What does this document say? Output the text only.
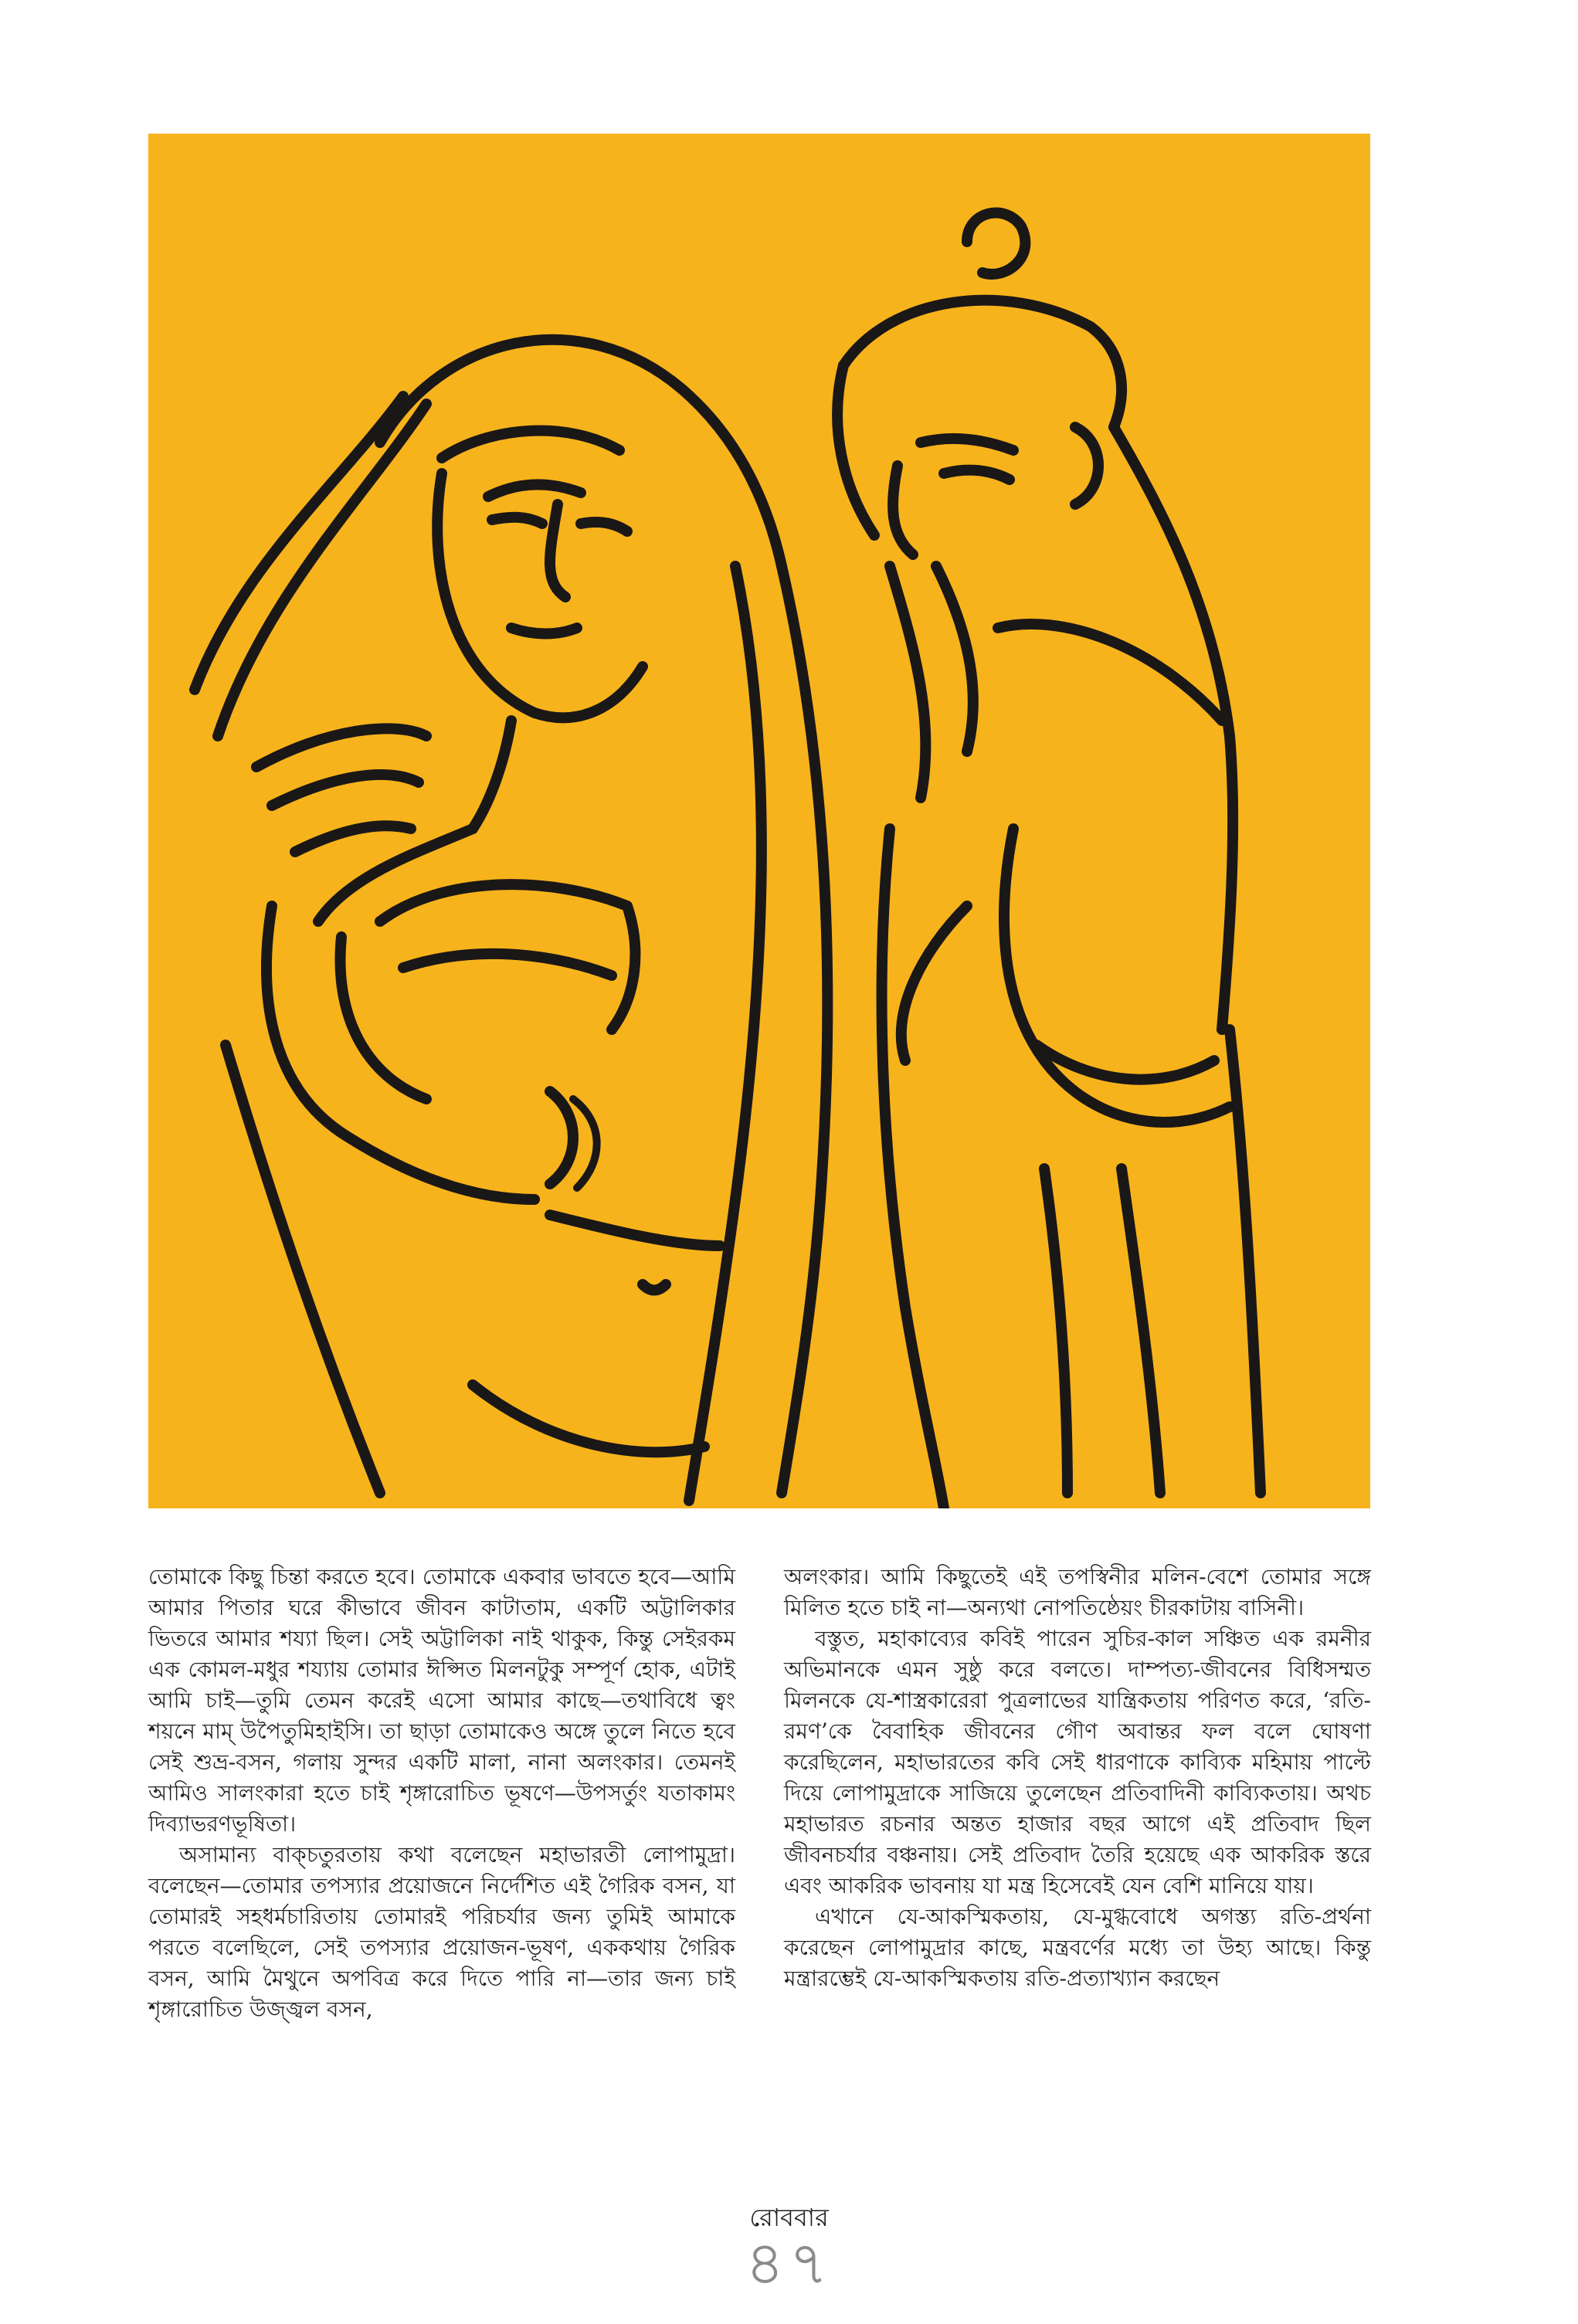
তোমাকে কিছু চিন্তা করতে হবে। তোমাকে একবার ভাবতে হবে—আমি আমার পিতার ঘরে কীভাবে জীবন কাটাতাম, একটি অট্টালিকার ভিতরে আমার শয্যা ছিল। সেই অট্টালিকা নাই থাকুক, কিন্তু সেইরকম এক কোমল-মধুর শয্যায় তোমার ঈপ্সিত মিলনটুকু সম্পূর্ণ হোক, এটাই আমি চাই—তুমি তেমন করেই এসো আমার কাছে—তথাবিধে ত্বং শয়নে মাম্ উপৈতুমিহাইসি। তা ছাড়া তোমাকেও অঙ্গে তুলে নিতে হবে সেই শুভ্র-বসন, গলায় সুন্দর একটি মালা, নানা অলংকার। তেমনই আমিও সালংকারা হতে চাই শৃঙ্গারোচিত ভূষণে—উপসর্তুং যতাকামং দিব্যাভরণভূষিতা।

অসামান্য বাক্চতুরতায় কথা বলেছেন মহাভারতী লোপামুদ্রা। বলেছেন—তোমার তপস্যার প্রয়োজনে নির্দেশিত এই গৈরিক বসন, যা তোমারই সহধর্মচারিতায় তোমারই পরিচর্যার জন্য তুমিই আমাকে পরতে বলেছিলে, সেই তপস্যার প্রয়োজন-ভূষণ, এককথায় গৈরিক বসন, আমি মৈথুনে অপবিত্র করে দিতে পারি না—তার জন্য চাই শৃঙ্গারোচিত উজ্জ্বল বসন,

অলংকার। আমি কিছুতেই এই তপস্বিনীর মলিন-বেশে তোমার সঙ্গে মিলিত হতে চাই না—অন্যথা নোপতিষ্ঠেয়ং চীরকাটায় বাসিনী।

বস্তুত, মহাকাব্যের কবিই পারেন সুচির-কাল সঞ্চিত এক রমনীর অভিমানকে এমন সুষ্ঠু করে বলতে। দাম্পত্য-জীবনের বিধিসম্মত মিলনকে যে-শাস্ত্রকারেরা পুত্রলাভের যান্ত্রিকতায় পরিণত করে, ‘রতি-রমণ’কে বৈবাহিক জীবনের গৌণ অবান্তর ফল বলে ঘোষণা করেছিলেন, মহাভারতের কবি সেই ধারণাকে কাব্যিক মহিমায় পাল্টে দিয়ে লোপামুদ্রাকে সাজিয়ে তুলেছেন প্রতিবাদিনী কাব্যিকতায়। অথচ মহাভারত রচনার অন্তত হাজার বছর আগে এই প্রতিবাদ ছিল জীবনচর্যার বঞ্চনায়। সেই প্রতিবাদ তৈরি হয়েছে এক আকরিক স্তরে এবং আকরিক ভাবনায় যা মন্ত্র হিসেবেই যেন বেশি মানিয়ে যায়।

এখানে যে-আকস্মিকতায়, যে-মুগ্ধবোধে অগস্ত্য রতি-প্রর্থনা করেছেন লোপামুদ্রার কাছে, মন্ত্রবর্ণের মধ্যে তা উহ্য আছে। কিন্তু মন্ত্রারম্ভেই যে-আকস্মিকতায় রতি-প্রত্যাখ্যান করছেন

রোববার
৪৭
